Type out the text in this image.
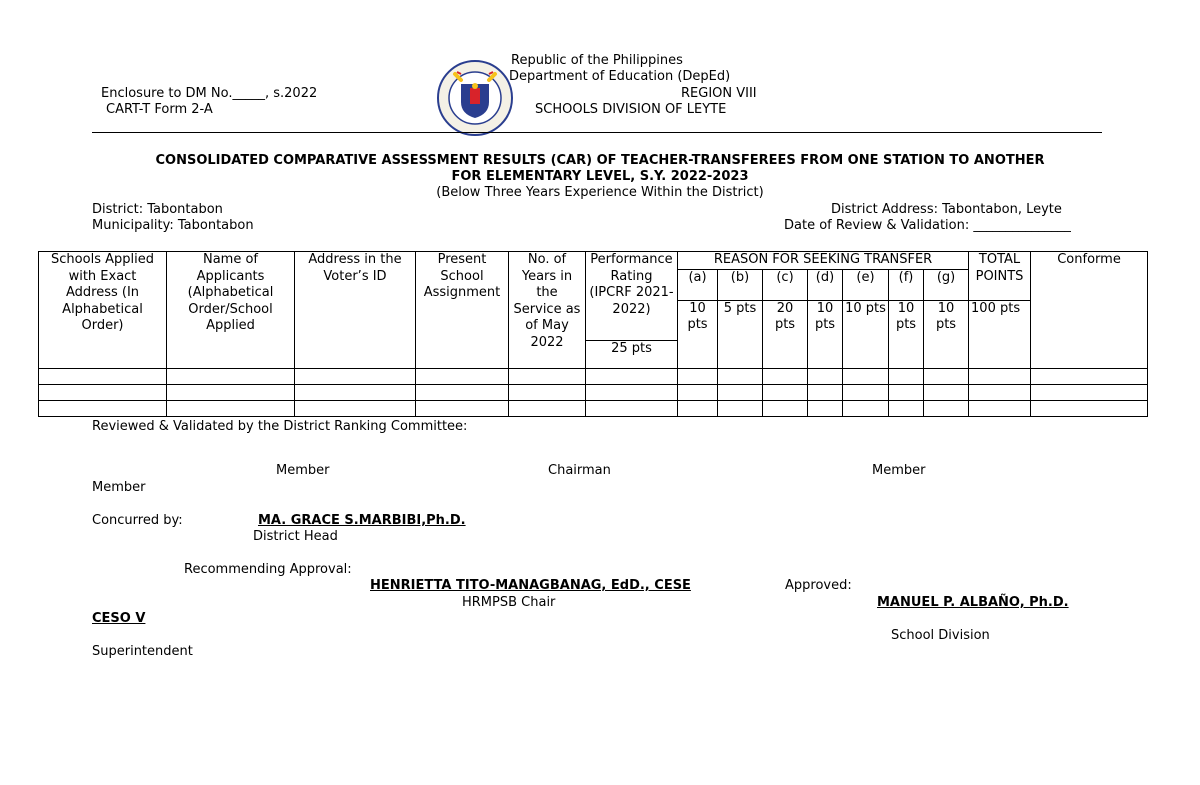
Enclosure to DM No._____, s.2022
CART-T Form 2-A
Republic of the Philippines
Department of Education (DepEd)
REGION VIII
SCHOOLS DIVISION OF LEYTE
CONSOLIDATED COMPARATIVE ASSESSMENT RESULTS (CAR) OF TEACHER-TRANSFEREES FROM ONE STATION TO ANOTHER
FOR ELEMENTARY LEVEL, S.Y. 2022-2023
(Below Three Years Experience Within the District)
District: Tabontabon	District Address: Tabontabon, Leyte
Municipality: Tabontabon	Date of Review & Validation: _______________
Schools Applied with Exact Address (In Alphabetical Order)	Name of Applicants (Alphabetical Order/School Applied	Address in the Voter’s ID	Present School Assignment	No. of Years in the Service as of May 2022	Performance Rating (IPCRF 2021-2022)	REASON FOR SEEKING TRANSFER							TOTAL POINTS	Conforme
						(a)	(b)	(c)	(d)	(e)	(f)	(g)		
						10 pts	5 pts	20 pts	10 pts	10 pts	10 pts	10 pts	100 pts	
					25 pts									

Reviewed & Validated by the District Ranking Committee:
Member	Chairman	Member
Member
Concurred by:	MA. GRACE S.MARBIBI,Ph.D.
District Head
Recommending Approval:
HENRIETTA TITO-MANAGBANAG, EdD., CESE	Approved:
HRMPSB Chair	MANUEL P. ALBAÑO, Ph.D.
CESO V
School Division
Superintendent
